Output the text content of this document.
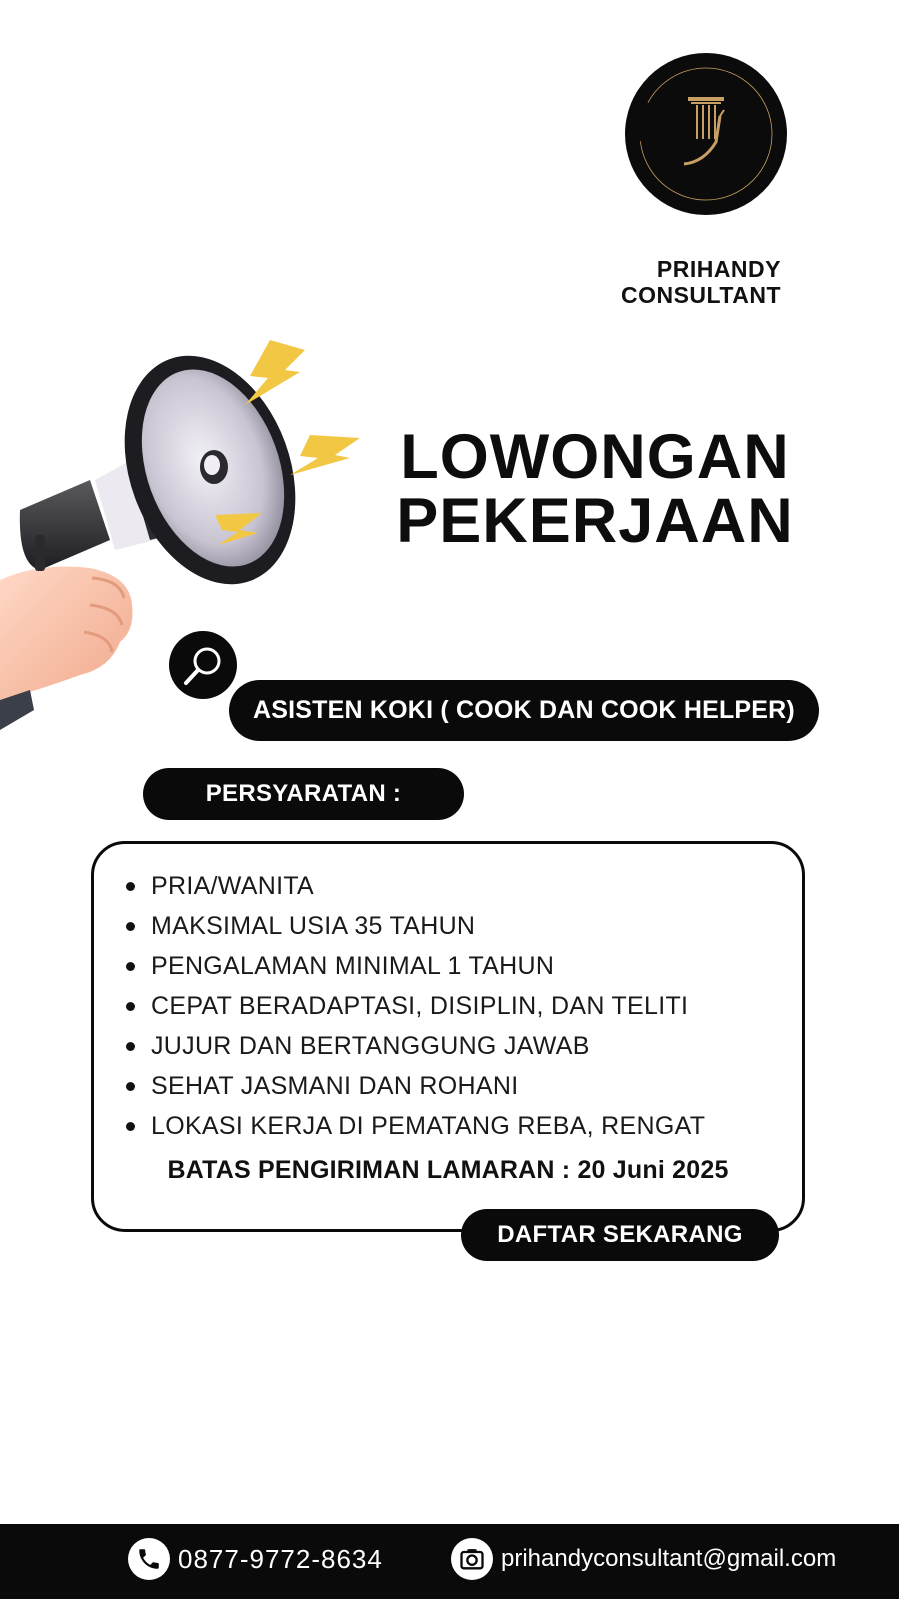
PRIHANDY
CONSULTANT
LOWONGAN
PEKERJAAN
ASISTEN KOKI ( COOK DAN COOK HELPER)
PERSYARATAN :
PRIA/WANITA
MAKSIMAL USIA 35 TAHUN
PENGALAMAN MINIMAL 1 TAHUN
CEPAT BERADAPTASI, DISIPLIN, DAN TELITI
JUJUR DAN BERTANGGUNG JAWAB
SEHAT JASMANI DAN ROHANI
LOKASI KERJA DI PEMATANG REBA, RENGAT
BATAS PENGIRIMAN LAMARAN : 20 Juni 2025
DAFTAR SEKARANG
0877-9772-8634	prihandyconsultant@gmail.com
